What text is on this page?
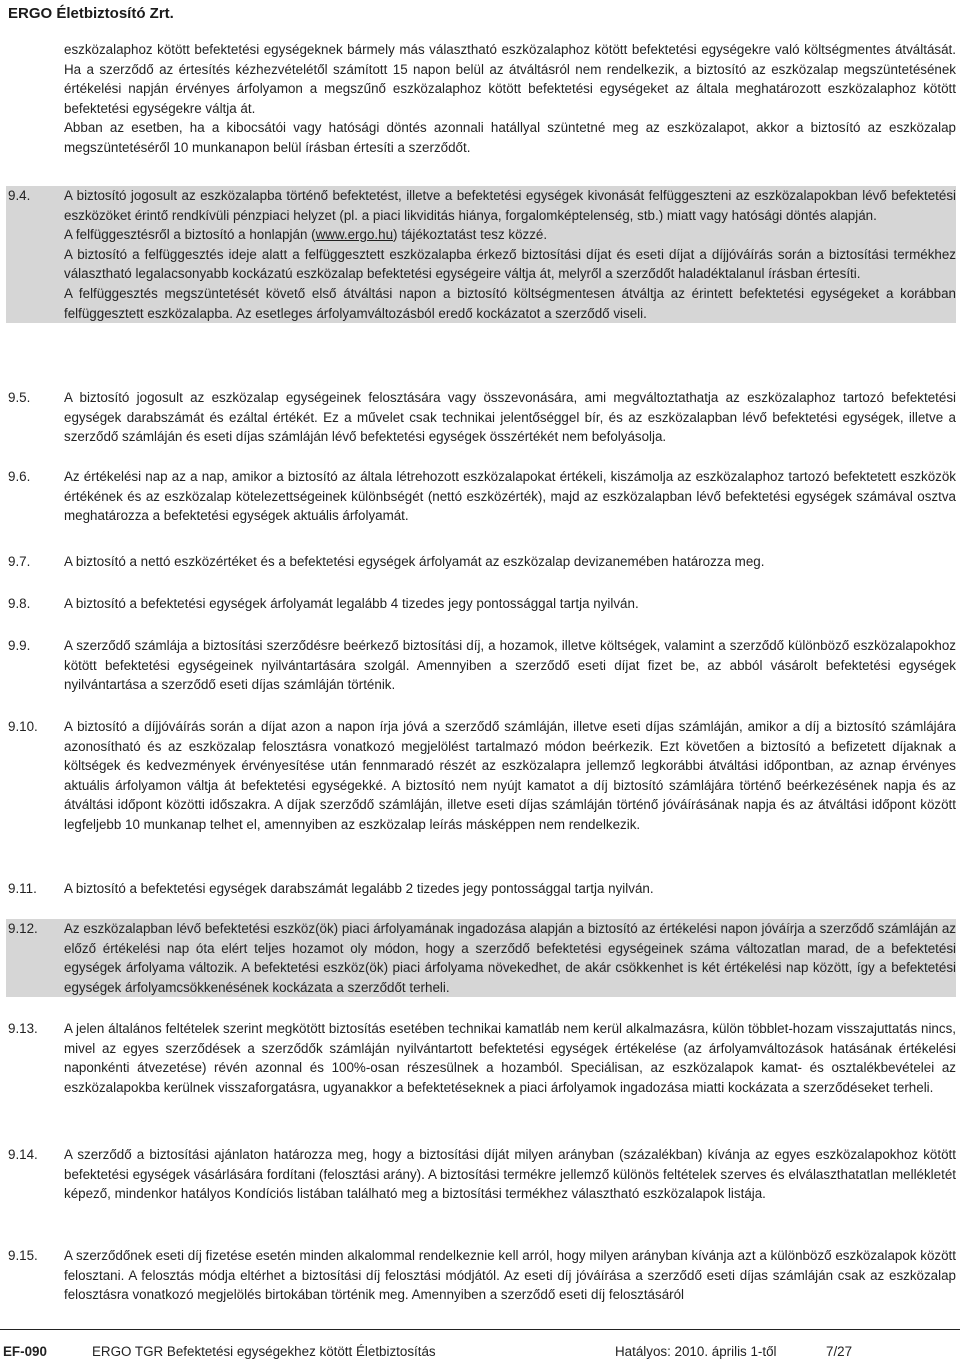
ERGO Életbiztosító Zrt.

eszközalaphoz kötött befektetési egységeknek bármely más választható eszközalaphoz kötött befektetési egységekre való költségmentes átváltását. Ha a szerződő az értesítés kézhezvételétől számított 15 napon belül az átváltásról nem rendelkezik, a biztosító az eszközalap megszüntetésének értékelési napján érvényes árfolyamon a megszűnő eszközalaphoz kötött befektetési egységeket az általa meghatározott eszközalaphoz kötött befektetési egységekre váltja át.

Abban az esetben, ha a kibocsátói vagy hatósági döntés azonnali hatállyal szüntetné meg az eszközalapot, akkor a biztosító az eszközalap megszüntetéséről 10 munkanapon belül írásban értesíti a szerződőt.

9.4.	A biztosító jogosult az eszközalapba történő befektetést, illetve a befektetési egységek kivonását felfüggeszteni az eszközalapokban lévő befektetési eszközöket érintő rendkívüli pénzpiaci helyzet (pl. a piaci likviditás hiánya, forgalomképtelenség, stb.) miatt vagy hatósági döntés alapján.

A felfüggesztésről a biztosító a honlapján (www.ergo.hu) tájékoztatást tesz közzé.

A biztosító a felfüggesztés ideje alatt a felfüggesztett eszközalapba érkező biztosítási díjat és eseti díjat a díjjóváírás során a biztosítási termékhez választható legalacsonyabb kockázatú eszközalap befektetési egységeire váltja át, melyről a szerződőt haladéktalanul írásban értesíti.

A felfüggesztés megszüntetését követő első átváltási napon a biztosító költségmentesen átváltja az érintett befektetési egységeket a korábban felfüggesztett eszközalapba. Az esetleges árfolyamváltozásból eredő kockázatot a szerződő viseli.

9.5.	A biztosító jogosult az eszközalap egységeinek felosztására vagy összevonására, ami megváltoztathatja az eszközalaphoz tartozó befektetési egységek darabszámát és ezáltal értékét. Ez a művelet csak technikai jelentőséggel bír, és az eszközalapban lévő befektetési egységek, illetve a szerződő számláján és eseti díjas számláján lévő befektetési egységek összértékét nem befolyásolja.

9.6.	Az értékelési nap az a nap, amikor a biztosító az általa létrehozott eszközalapokat értékeli, kiszámolja az eszközalaphoz tartozó befektetett eszközök értékének és az eszközalap kötelezettségeinek különbségét (nettó eszközérték), majd az eszközalapban lévő befektetési egységek számával osztva meghatározza a befektetési egységek aktuális árfolyamát.

9.7.	A biztosító a nettó eszközértéket és a befektetési egységek árfolyamát az eszközalap devizanemében határozza meg.

9.8.	A biztosító a befektetési egységek árfolyamát legalább 4 tizedes jegy pontossággal tartja nyilván.

9.9.	A szerződő számlája a biztosítási szerződésre beérkező biztosítási díj, a hozamok, illetve költségek, valamint a szerződő különböző eszközalapokhoz kötött befektetési egységeinek nyilvántartására szolgál. Amennyiben a szerződő eseti díjat fizet be, az abból vásárolt befektetési egységek nyilvántartása a szerződő eseti díjas számláján történik.

9.10. A biztosító a díjjóváírás során a díjat azon a napon írja jóvá a szerződő számláján, illetve eseti díjas számláján, amikor a díj a biztosító számlájára azonosítható és az eszközalap felosztásra vonatkozó megjelölést tartalmazó módon beérkezik. Ezt követően a biztosító a befizetett díjaknak a költségek és kedvezmények érvényesítése után fennmaradó részét az eszközalapra jellemző legkorábbi átváltási időpontban, az aznap érvényes aktuális árfolyamon váltja át befektetési egységekké. A biztosító nem nyújt kamatot a díj biztosító számlájára történő beérkezésének napja és az átváltási időpont közötti időszakra. A díjak szerződő számláján, illetve eseti díjas számláján történő jóváírásának napja és az átváltási időpont között legfeljebb 10 munkanap telhet el, amennyiben az eszközalap leírás másképpen nem rendelkezik.

9.11. A biztosító a befektetési egységek darabszámát legalább 2 tizedes jegy pontossággal tartja nyilván.

9.12. Az eszközalapban lévő befektetési eszköz(ök) piaci árfolyamának ingadozása alapján a biztosító az értékelési napon jóváírja a szerződő számláján az előző értékelési nap óta elért teljes hozamot oly módon, hogy a szerződő befektetési egységeinek száma változatlan marad, de a befektetési egységek árfolyama változik. A befektetési eszköz(ök) piaci árfolyama növekedhet, de akár csökkenhet is két értékelési nap között, így a befektetési egységek árfolyamcsökkenésének kockázata a szerződőt terheli.

9.13. A jelen általános feltételek szerint megkötött biztosítás esetében technikai kamatláb nem kerül alkalmazásra, külön többlet-hozam visszajuttatás nincs, mivel az egyes szerződések a szerződők számláján nyilvántartott befektetési egységek értékelése (az árfolyamváltozások hatásának értékelési naponkénti átvezetése) révén azonnal és 100%-osan részesülnek a hozamból. Speciálisan, az eszközalapok kamat- és osztalékbevételei az eszközalapokba kerülnek visszaforgatásra, ugyanakkor a befektetéseknek a piaci árfolyamok ingadozása miatti kockázata a szerződéseket terheli.

9.14. A szerződő a biztosítási ajánlaton határozza meg, hogy a biztosítási díját milyen arányban (százalékban) kívánja az egyes eszközalapokhoz kötött befektetési egységek vásárlására fordítani (felosztási arány). A biztosítási termékre jellemző különös feltételek szerves és elválaszthatatlan mellékletét képező, mindenkor hatályos Kondíciós listában található meg a biztosítási termékhez választható eszközalapok listája.

9.15. A szerződőnek eseti díj fizetése esetén minden alkalommal rendelkeznie kell arról, hogy milyen arányban kívánja azt a különböző eszközalapok között felosztani. A felosztás módja eltérhet a biztosítási díj felosztási módjától. Az eseti díj jóváírása a szerződő eseti díjas számláján csak az eszközalap felosztásra vonatkozó megjelölés birtokában történik meg. Amennyiben a szerződő eseti díj felosztásáról

EF-090	ERGO TGR Befektetési egységekhez kötött Életbiztosítás	Hatályos: 2010. április 1-től	7/27
